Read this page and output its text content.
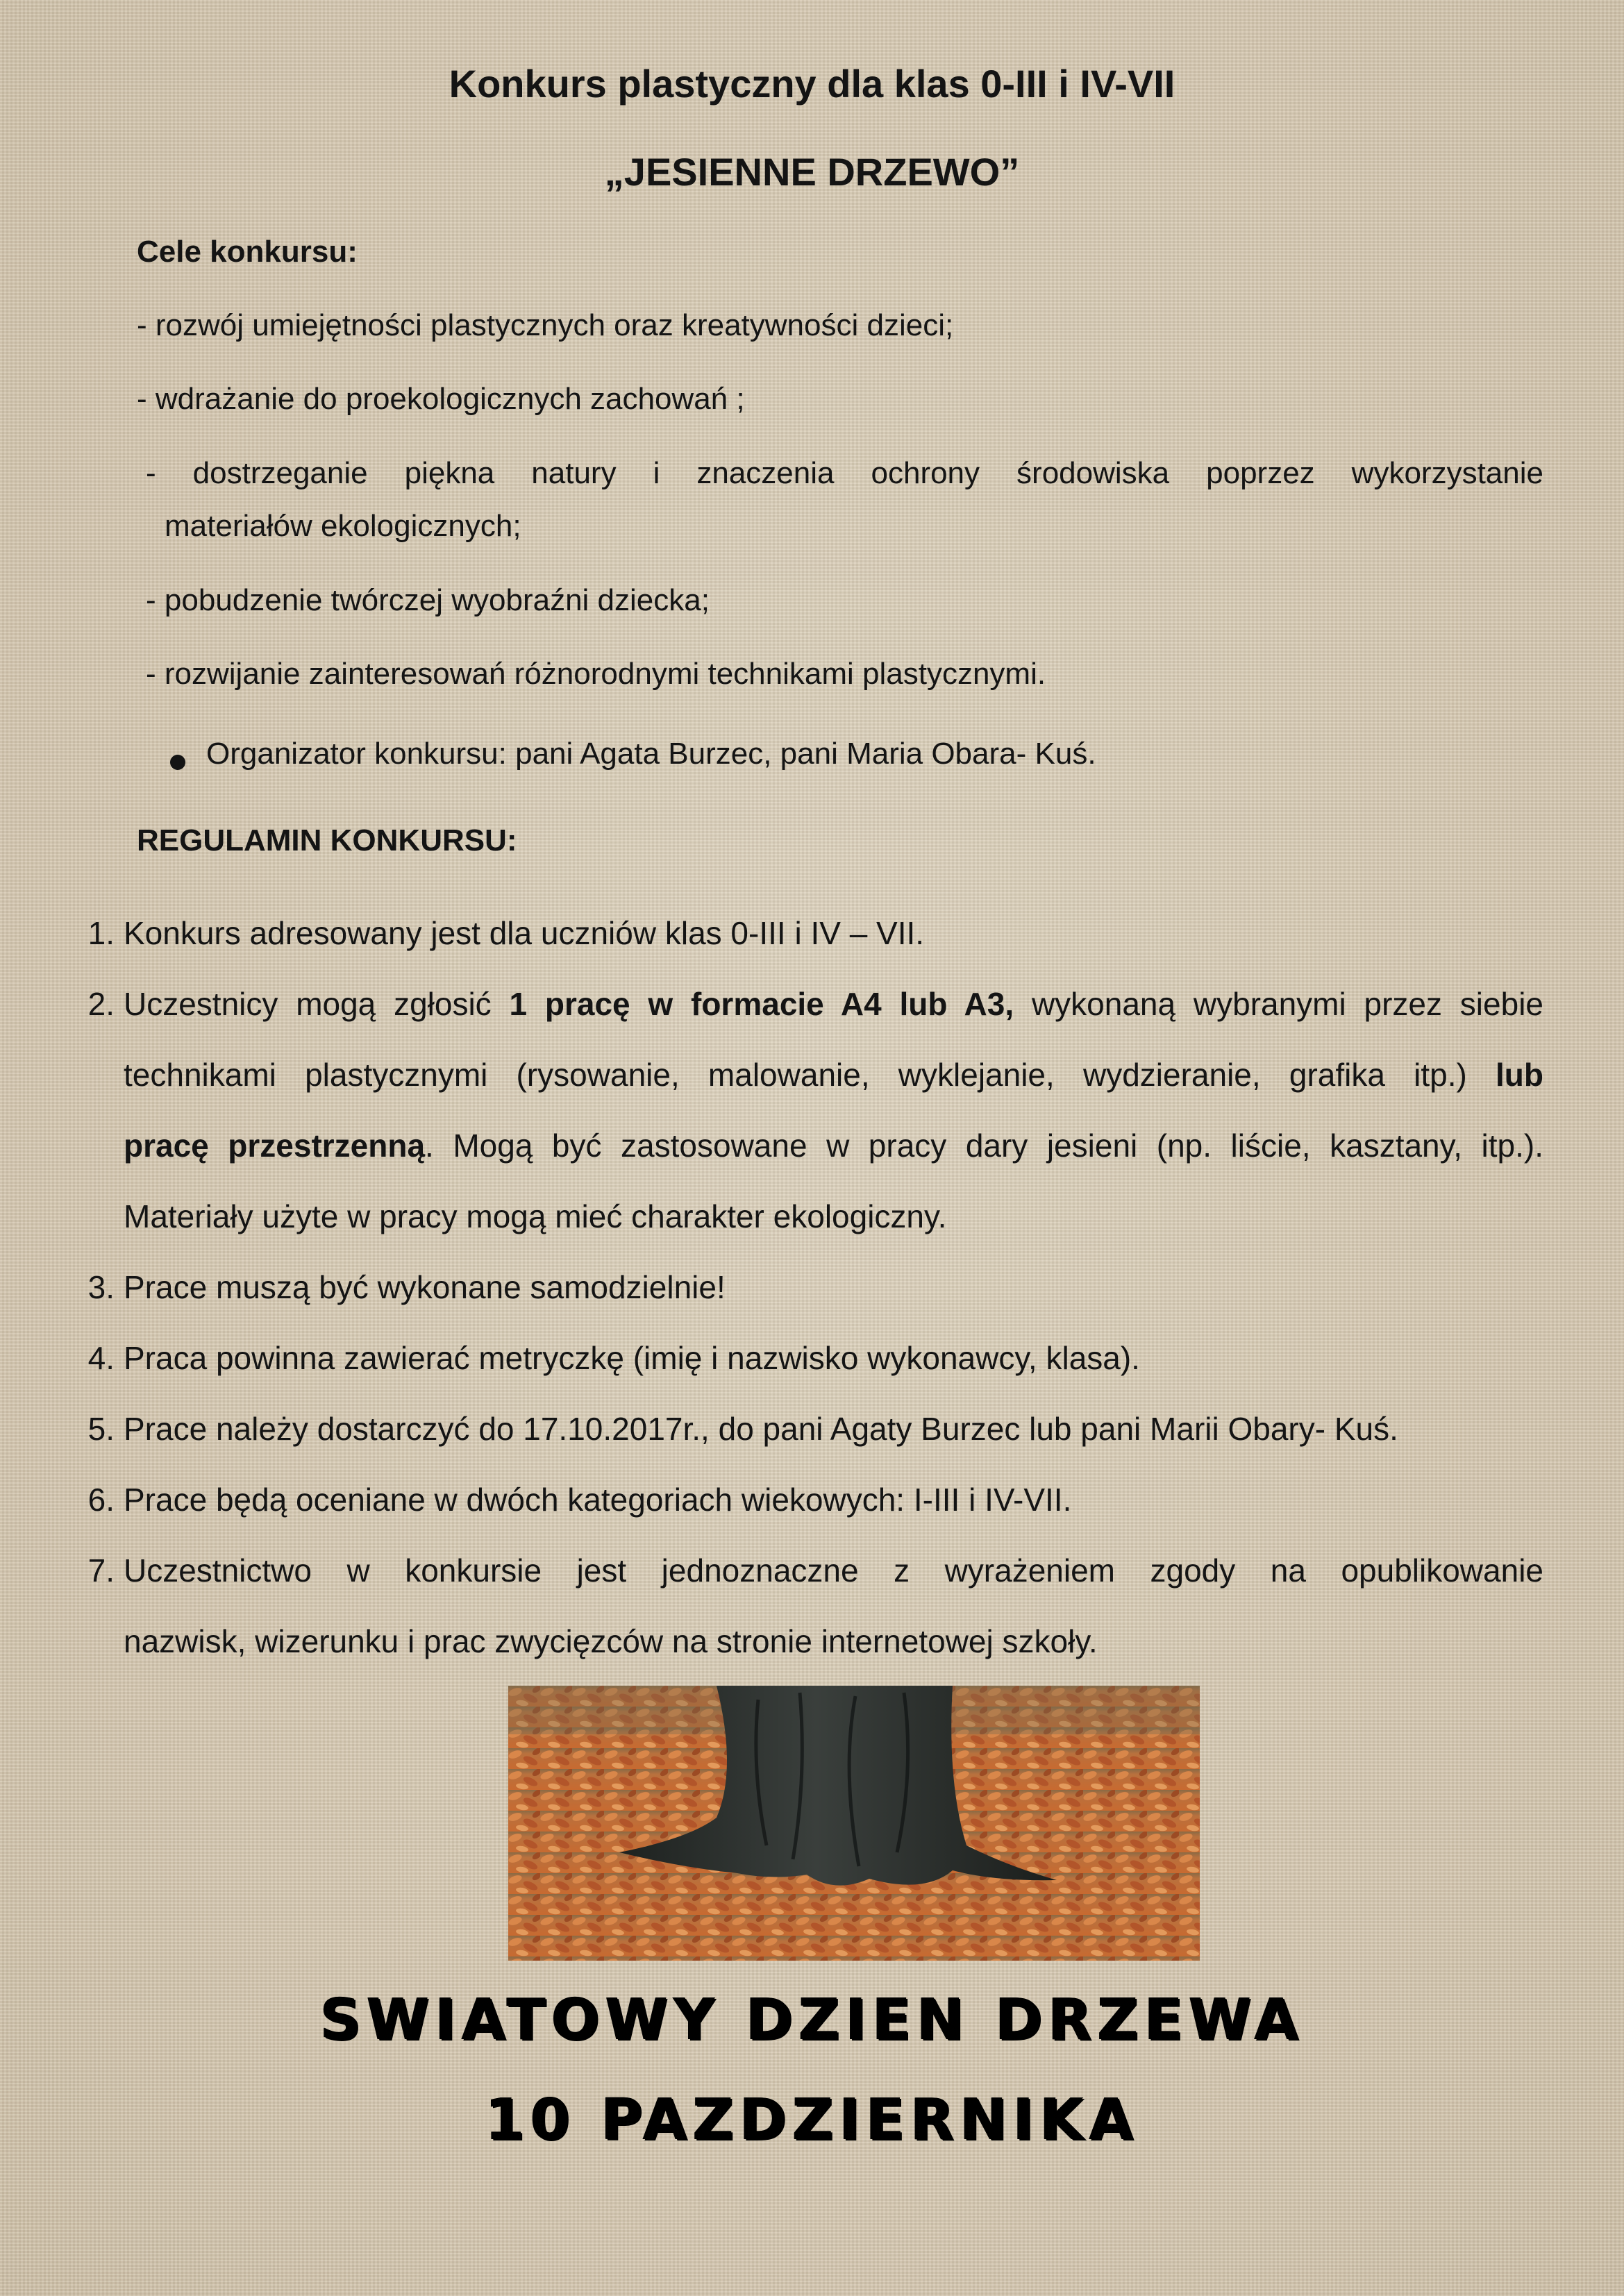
Konkurs plastyczny dla klas 0-III i IV-VII
„JESIENNE DRZEWO”
Cele konkursu:
- rozwój umiejętności plastycznych oraz kreatywności dzieci;
- wdrażanie do proekologicznych zachowań ;
- dostrzeganie piękna natury i znaczenia ochrony środowiska poprzez wykorzystanie
materiałów ekologicznych;
- pobudzenie twórczej wyobraźni dziecka;
- rozwijanie zainteresowań różnorodnymi technikami plastycznymi.
Organizator konkursu: pani Agata Burzec, pani Maria Obara- Kuś.
REGULAMIN KONKURSU:
1. Konkurs adresowany jest dla uczniów klas 0-III i IV – VII.
2. Uczestnicy mogą zgłosić 1 pracę w formacie A4 lub A3, wykonaną wybranymi przez siebie
technikami plastycznymi (rysowanie, malowanie, wyklejanie, wydzieranie, grafika itp.) lub
pracę przestrzenną. Mogą być zastosowane w pracy dary jesieni (np. liście, kasztany, itp.).
Materiały użyte w pracy mogą mieć charakter ekologiczny.
3. Prace muszą być wykonane samodzielnie!
4. Praca powinna zawierać metryczkę (imię i nazwisko wykonawcy, klasa).
5. Prace należy dostarczyć do 17.10.2017r., do pani Agaty Burzec lub pani Marii Obary- Kuś.
6. Prace będą oceniane w dwóch kategoriach wiekowych: I-III i IV-VII.
7. Uczestnictwo w konkursie jest jednoznaczne z wyrażeniem zgody na opublikowanie
nazwisk, wizerunku i prac zwycięzców na stronie internetowej szkoły.
SWIATOWY DZIEN DRZEWA
10 PAZDZIERNIKA
